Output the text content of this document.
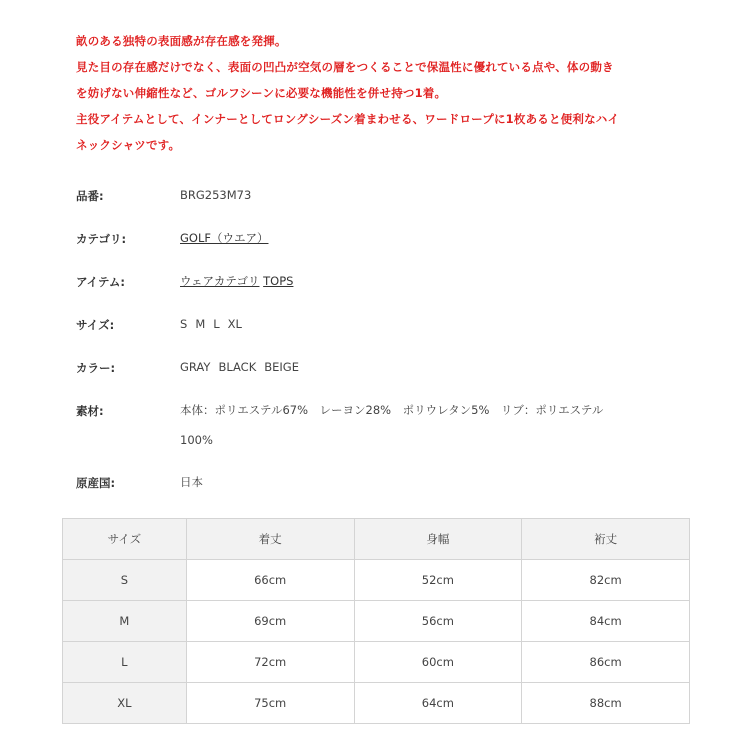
畝のある独特の表面感が存在感を発揮。
見た目の存在感だけでなく、表面の凹凸が空気の層をつくることで保温性に優れている点や、体の動き
を妨げない伸縮性など、ゴルフシーンに必要な機能性を併せ持つ1着。
主役アイテムとして、インナーとしてロングシーズン着まわせる、ワードロープに1枚あると便利なハイ
ネックシャツです。
品番:	BRG253M73
カテゴリ:	GOLF（ウエア）
アイテム:	ウェアカテゴリ TOPS
サイズ:	S M L XL
カラー:	GRAY BLACK BEIGE
素材:	本体：ポリエステル67%　レーヨン28%　ポリウレタン5%　リブ：ポリエステル
100%
原産国:	日本
サイズ	着丈	身幅	裄丈
S	66cm	52cm	82cm
M	69cm	56cm	84cm
L	72cm	60cm	86cm
XL	75cm	64cm	88cm
